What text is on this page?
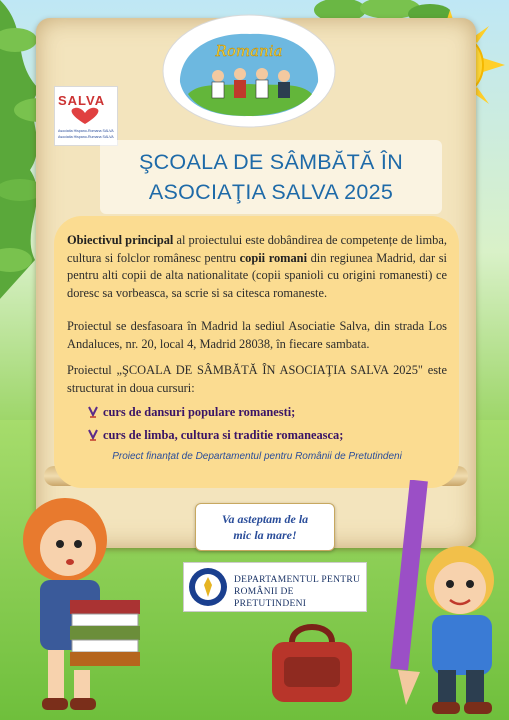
Romania
SALVA
Asociatia Hispano-Romana SALVA
Asociatia Hispano-Rumana SALVA
ŞCOALA DE SÂMBĂTĂ ÎN
ASOCIAŢIA SALVA 2025
Obiectivul principal al proiectului este dobândirea de competențe de limba, cultura si folclor românesc pentru copii romani din regiunea Madrid, dar si pentru alti copii de alta nationalitate (copii spanioli cu origini romanesti) ce doresc sa vorbeasca, sa scrie si sa citesca romaneste.
Proiectul se desfasoara în Madrid la sediul Asociatie Salva, din strada Los Andaluces, nr. 20, local 4, Madrid 28038, în fiecare sambata.
Proiectul „ŞCOALA DE SÂMBĂTĂ ÎN ASOCIAŢIA SALVA 2025" este structurat in doua cursuri:
curs de dansuri populare romanesti;
curs de limba, cultura si traditie romaneasca;
Proiect finanțat de Departamentul pentru Românii de Pretutindeni
Va asteptam de la
mic la mare!
DEPARTAMENTUL PENTRU
ROMÂNII DE PRETUTINDENI
